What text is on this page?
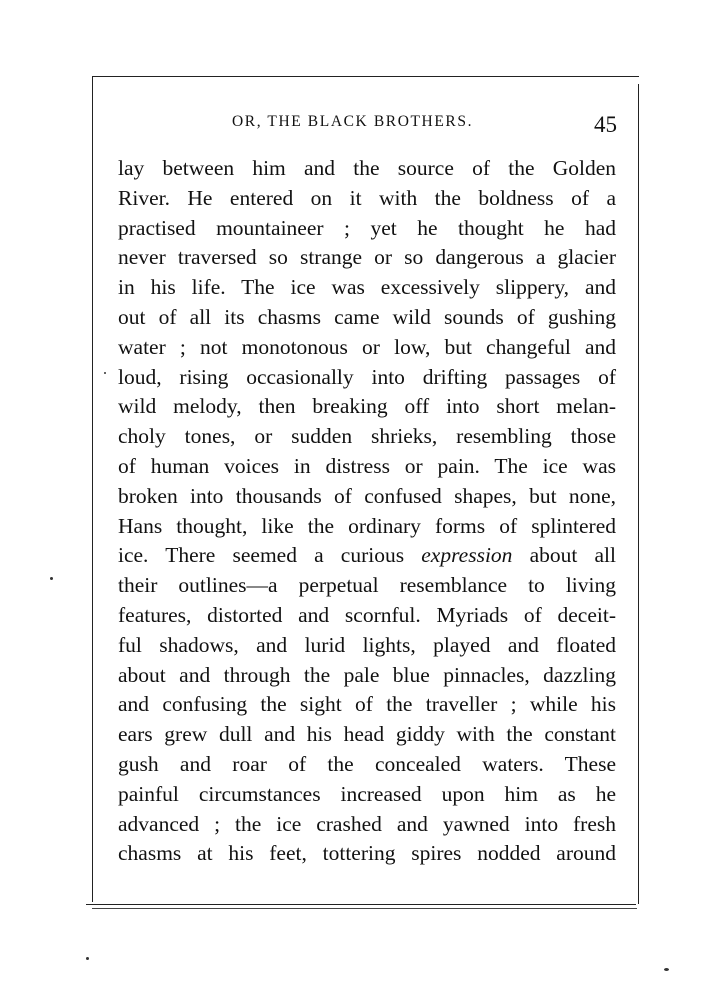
OR, THE BLACK BROTHERS.	45
lay between him and the source of the Golden
River. He entered on it with the boldness of a
practised mountaineer ; yet he thought he had
never traversed so strange or so dangerous a glacier
in his life. The ice was excessively slippery, and
out of all its chasms came wild sounds of gushing
water ; not monotonous or low, but changeful and
loud, rising occasionally into drifting passages of
wild melody, then breaking off into short melan-
choly tones, or sudden shrieks, resembling those
of human voices in distress or pain. The ice was
broken into thousands of confused shapes, but none,
Hans thought, like the ordinary forms of splintered
ice. There seemed a curious expression about all
their outlines—a perpetual resemblance to living
features, distorted and scornful. Myriads of deceit-
ful shadows, and lurid lights, played and floated
about and through the pale blue pinnacles, dazzling
and confusing the sight of the traveller ; while his
ears grew dull and his head giddy with the constant
gush and roar of the concealed waters. These
painful circumstances increased upon him as he
advanced ; the ice crashed and yawned into fresh
chasms at his feet, tottering spires nodded around
